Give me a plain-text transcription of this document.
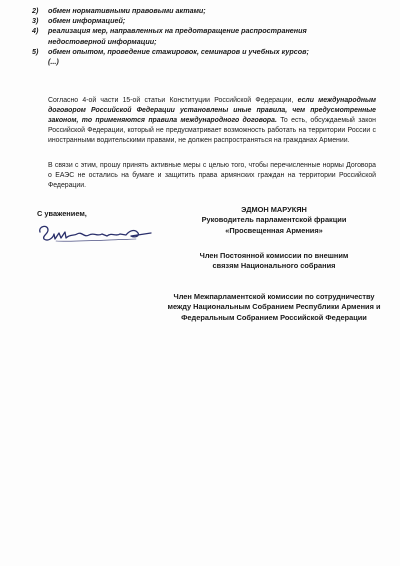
2)	обмен нормативными правовыми актами;
3)	обмен информацией;
4)	реализация мер, направленных на предотвращение распространения
недостоверной информации;
5)	обмен опытом, проведение стажировок, семинаров и учебных курсов;
(...)
Согласно 4-ой части 15-ой статьи Конституции Российской Федерации, если международным договором Российской Федерации установлены иные правила, чем предусмотренные законом, то применяются правила международного договора. То есть, обсуждаемый закон Российской Федерации, который не предусматривает возможность работать на территории России с иностранными водительскими правами, не должен распространяться на гражданах Армении.
В связи с этим, прошу принять активные меры с целью того, чтобы перечисленные нормы Договора о ЕАЭС не остались на бумаге и защитить права армянских граждан на территории Российской Федерации.
С уважением,	ЭДМОН МАРУКЯН
Руководитель парламентской фракции
«Просвещенная Армения»
Член Постоянной комиссии по внешним
связям Национального собрания
Член Межпарламентской комиссии по сотрудничеству
между Национальным Собранием Республики Армения и
Федеральным Собранием Российской Федерации
